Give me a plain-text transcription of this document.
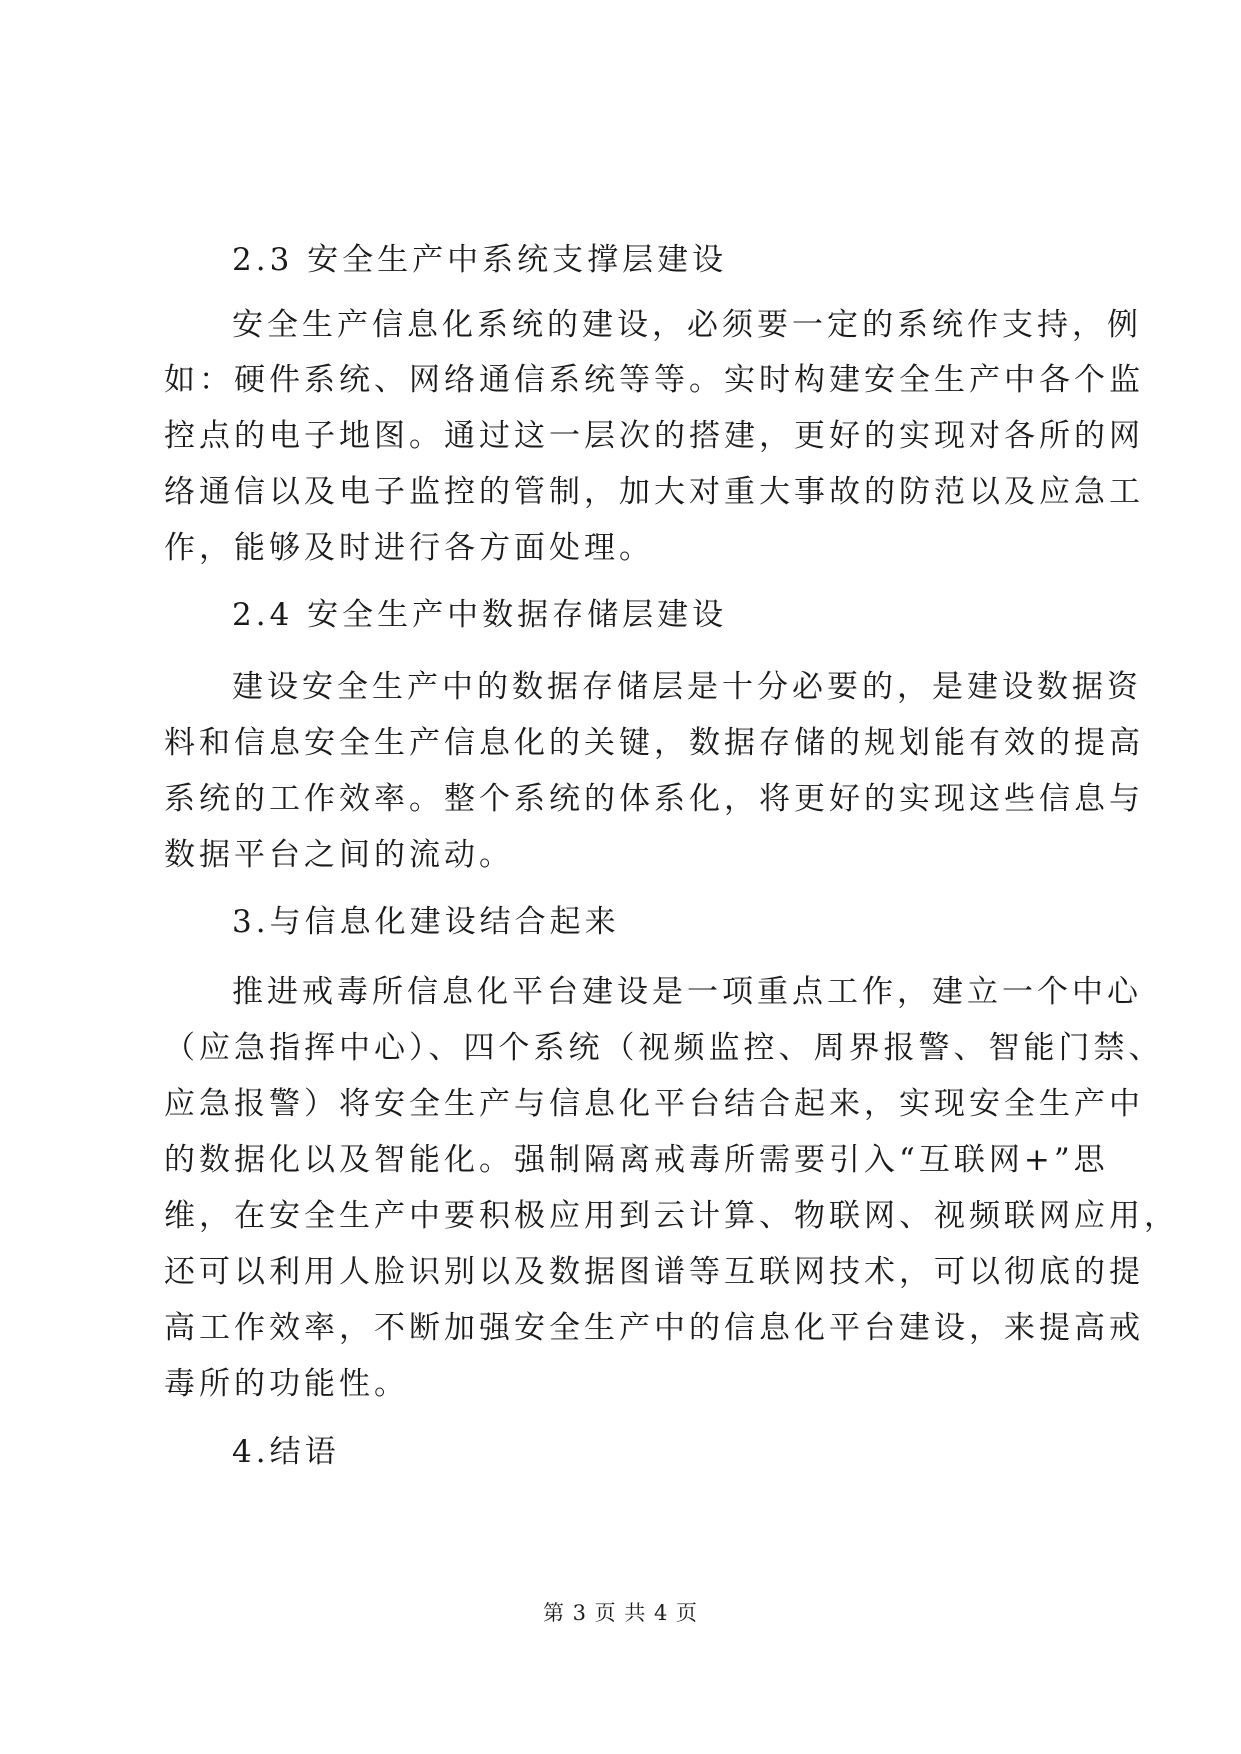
2.3 安全生产中系统支撑层建设
安全生产信息化系统的建设，必须要一定的系统作支持，例
如：硬件系统、网络通信系统等等。实时构建安全生产中各个监
控点的电子地图。通过这一层次的搭建，更好的实现对各所的网
络通信以及电子监控的管制，加大对重大事故的防范以及应急工
作，能够及时进行各方面处理。
2.4 安全生产中数据存储层建设
建设安全生产中的数据存储层是十分必要的，是建设数据资
料和信息安全生产信息化的关键，数据存储的规划能有效的提高
系统的工作效率。整个系统的体系化，将更好的实现这些信息与
数据平台之间的流动。
3.与信息化建设结合起来
推进戒毒所信息化平台建设是一项重点工作，建立一个中心
（应急指挥中心）、四个系统（视频监控、周界报警、智能门禁、
应急报警）将安全生产与信息化平台结合起来，实现安全生产中
的数据化以及智能化。强制隔离戒毒所需要引入“互联网+”思
维，在安全生产中要积极应用到云计算、物联网、视频联网应用，
还可以利用人脸识别以及数据图谱等互联网技术，可以彻底的提
高工作效率，不断加强安全生产中的信息化平台建设，来提高戒
毒所的功能性。
4.结语
第 3 页 共 4 页
